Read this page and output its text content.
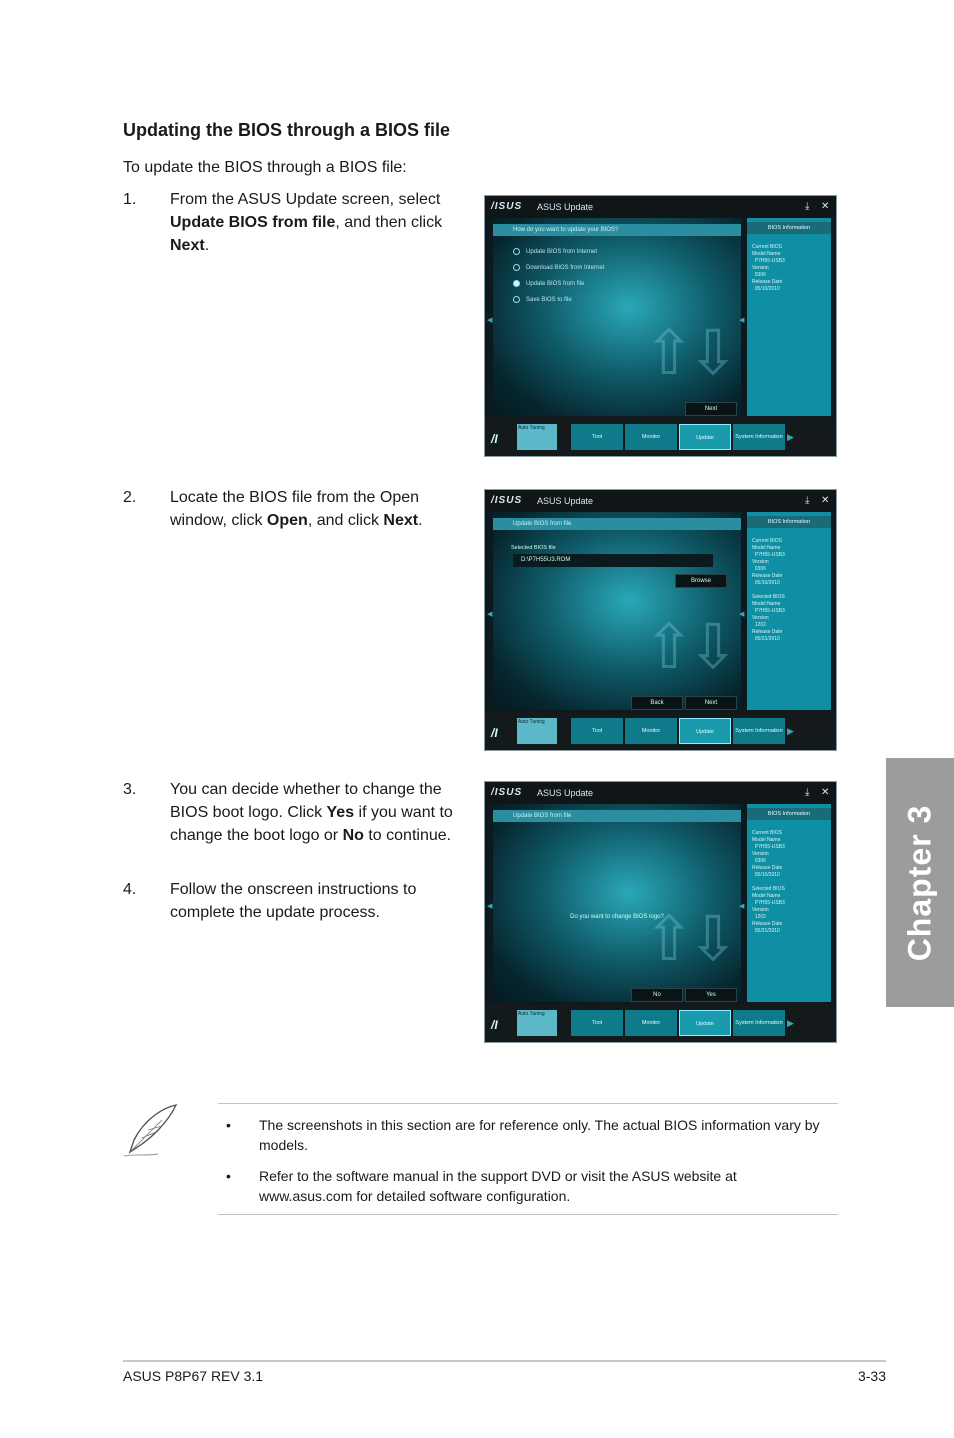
Updating the BIOS through a BIOS file
To update the BIOS through a BIOS file:
1. From the ASUS Update screen, select Update BIOS from file, and then click Next.
2. Locate the BIOS file from the Open window, click Open, and click Next.
3. You can decide whether to change the BIOS boot logo. Click Yes if you want to change the boot logo or No to continue.
4. Follow the onscreen instructions to complete the update process.
/ISUS ASUS Update	⤓ ✕
How do you want to update your BIOS?
Update BIOS from Internet
Download BIOS from Internet
Update BIOS from file
Save BIOS to file
⇧⇩
Next
◀	◀
BIOS Information
Current BIOS
Model Name
P7H55-USB3
Version
0306
Release Date
05/10/2010
/I
Auto Tuning
Tool	Monitor	Update	System Information ▶
/ISUS ASUS Update	⤓ ✕
Update BIOS from file
Selected BIOS file
D:\P7H55U3.ROM
Browse
⇧⇩
Back	Next
◀	◀
BIOS Information
Current BIOS
Model Name
P7H55-USB3
Version
0306
Release Date
05/10/2010

Selected BIOS
Model Name
P7H55-USB3
Version
1202
Release Date
05/21/2010
/I
Auto Tuning
Tool	Monitor	Update	System Information ▶
/ISUS ASUS Update	⤓ ✕
Update BIOS from file
Do you want to change BIOS logo?
⇧⇩
No	Yes
◀	◀
BIOS Information
Current BIOS
Model Name
P7H55-USB3
Version
0306
Release Date
05/10/2010

Selected BIOS
Model Name
P7H55-USB3
Version
1202
Release Date
05/21/2010
/I
Auto Tuning
Tool	Monitor	Update	System Information ▶
Chapter 3
• The screenshots in this section are for reference only. The actual BIOS information vary by models.
• Refer to the software manual in the support DVD or visit the ASUS website at www.asus.com for detailed software configuration.
ASUS P8P67 REV 3.1	3-33
